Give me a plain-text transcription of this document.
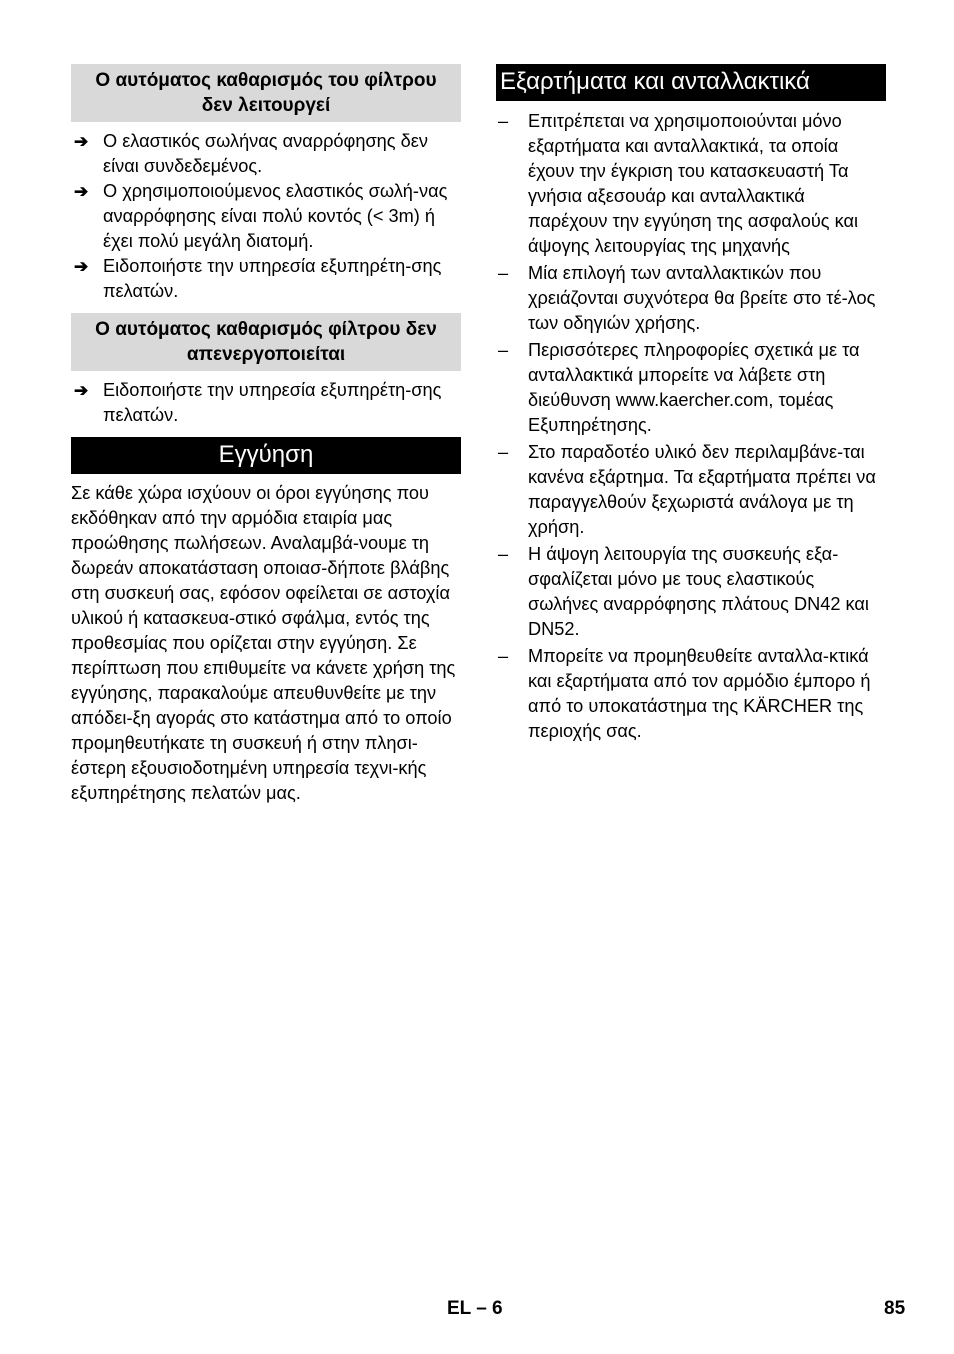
Ο αυτόματος καθαρισμός του φίλτρου δεν λειτουργεί
➔ Ο ελαστικός σωλήνας αναρρόφησης δεν είναι συνδεδεμένος.
➔ Ο χρησιμοποιούμενος ελαστικός σωλή-νας αναρρόφησης είναι πολύ κοντός (< 3m) ή έχει πολύ μεγάλη διατομή.
➔ Ειδοποιήστε την υπηρεσία εξυπηρέτη-σης πελατών.
Ο αυτόματος καθαρισμός φίλτρου δεν απενεργοποιείται
➔ Ειδοποιήστε την υπηρεσία εξυπηρέτη-σης πελατών.
Εγγύηση
Σε κάθε χώρα ισχύουν οι όροι εγγύησης που εκδόθηκαν από την αρμόδια εταιρία μας προώθησης πωλήσεων. Αναλαμβά-νουμε τη δωρεάν αποκατάσταση οποιασ-δήποτε βλάβης στη συσκευή σας, εφόσον οφείλεται σε αστοχία υλικού ή κατασκευα-στικό σφάλμα, εντός της προθεσμίας που ορίζεται στην εγγύηση. Σε περίπτωση που επιθυμείτε να κάνετε χρήση της εγγύησης, παρακαλούμε απευθυνθείτε με την απόδει-ξη αγοράς στο κατάστημα από το οποίο προμηθευτήκατε τη συσκευή ή στην πλησι-έστερη εξουσιοδοτημένη υπηρεσία τεχνι-κής εξυπηρέτησης πελατών μας.
Εξαρτήματα και ανταλλακτικά
– Επιτρέπεται να χρησιμοποιούνται μόνο εξαρτήματα και ανταλλακτικά, τα οποία έχουν την έγκριση του κατασκευαστή Τα γνήσια αξεσουάρ και ανταλλακτικά παρέχουν την εγγύηση της ασφαλούς και άψογης λειτουργίας της μηχανής
– Μία επιλογή των ανταλλακτικών που χρειάζονται συχνότερα θα βρείτε στο τέ-λος των οδηγιών χρήσης.
– Περισσότερες πληροφορίες σχετικά με τα ανταλλακτικά μπορείτε να λάβετε στη διεύθυνση www.kaercher.com, τομέας Εξυπηρέτησης.
– Στο παραδοτέο υλικό δεν περιλαμβάνε-ται κανένα εξάρτημα. Τα εξαρτήματα πρέπει να παραγγελθούν ξεχωριστά ανάλογα με τη χρήση.
– Η άψογη λειτουργία της συσκευής εξα-σφαλίζεται μόνο με τους ελαστικούς σωλήνες αναρρόφησης πλάτους DN42 και DN52.
– Μπορείτε να προμηθευθείτε ανταλλα-κτικά και εξαρτήματα από τον αρμόδιο έμπορο ή από το υποκατάστημα της KÄRCHER της περιοχής σας.
EL – 6	85
